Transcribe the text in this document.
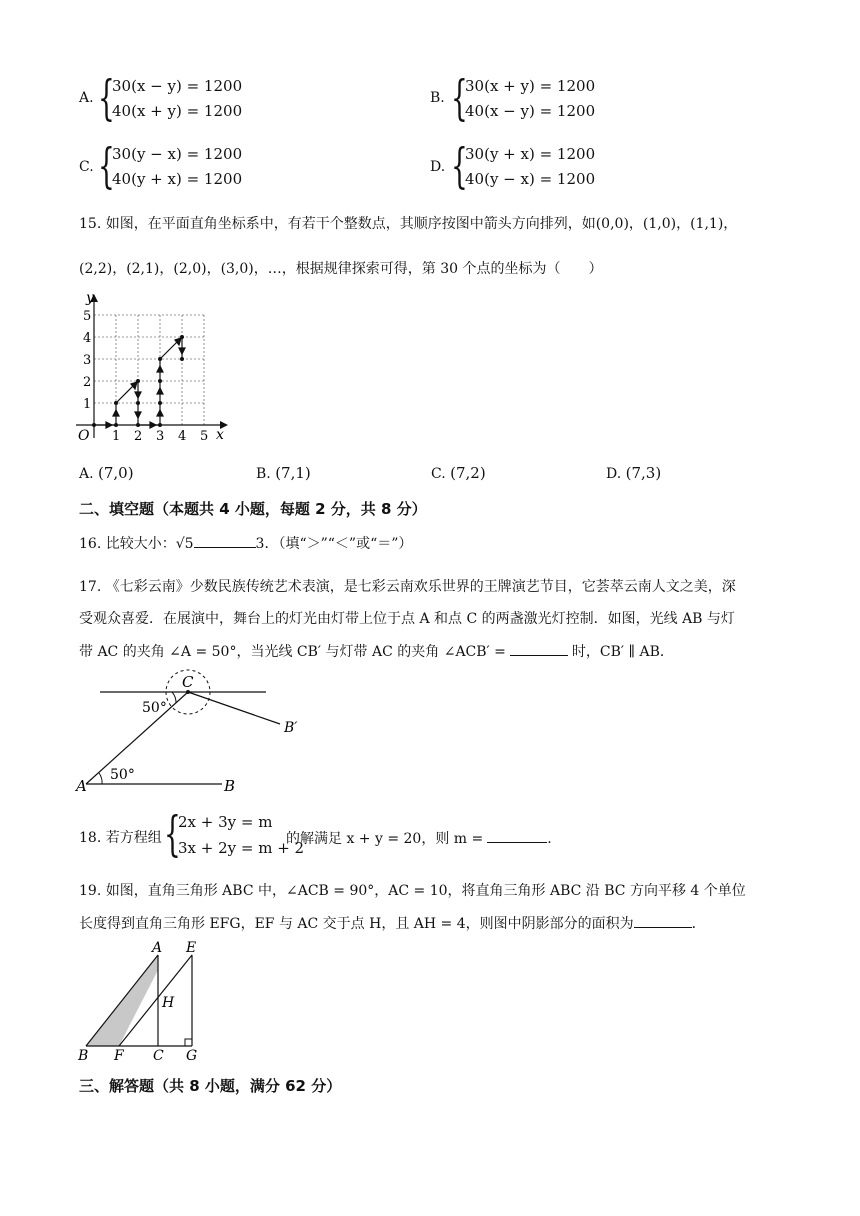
A. {
30(x − y) = 1200
40(x + y) = 1200
B. {
30(x + y) = 1200
40(x − y) = 1200
C. {
30(y − x) = 1200
40(y + x) = 1200
D. {
30(y + x) = 1200
40(y − x) = 1200
15. 如图，在平面直角坐标系中，有若干个整数点，其顺序按图中箭头方向排列，如(0,0)，(1,0)，(1,1)，
(2,2)，(2,1)，(2,0)，(3,0)，…，根据规律探索可得，第 30 个点的坐标为（　　）
y
x
O 1 2 3 4 5
1
2
3
4
5
A. (7,0)	B. (7,1)	C. (7,2)	D. (7,3)
二、填空题（本题共 4 小题，每题 2 分，共 8 分）
16. 比较大小：√5	3．（填“＞”“＜”或“＝”）
17. 《七彩云南》少数民族传统艺术表演，是七彩云南欢乐世界的王牌演艺节目，它荟萃云南人文之美，深
受观众喜爱．在展演中，舞台上的灯光由灯带上位于点 A 和点 C 的两盏激光灯控制．如图，光线 AB 与灯
带 AC 的夹角 ∠A = 50°，当光线 CB′ 与灯带 AC 的夹角 ∠ACB′ =	时，CB′ ∥ AB．
C
A	B
B′
50°
50°
18. 若方程组 {
2x + 3y = m
3x + 2y = m + 2
的解满足 x + y = 20，则 m =	.
19. 如图，直角三角形 ABC 中，∠ACB = 90°，AC = 10，将直角三角形 ABC 沿 BC 方向平移 4 个单位
长度得到直角三角形 EFG，EF 与 AC 交于点 H，且 AH = 4，则图中阴影部分的面积为	．
A E
H
B F C G
三、解答题（共 8 小题，满分 62 分）
